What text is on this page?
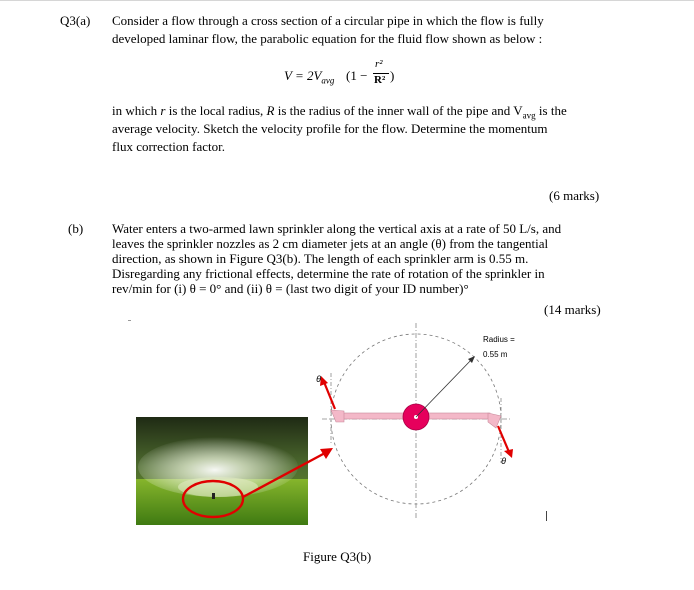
Q3(a) Consider a flow through a cross section of a circular pipe in which the flow is fully
developed laminar flow, the parabolic equation for the fluid flow shown as below :
$V = 2V_{avg}$ (1 −
r²
R² )
in which r is the local radius, R is the radius of the inner wall of the pipe and $V_{avg}$ is the
average velocity. Sketch the velocity profile for the flow. Determine the momentum
flux correction factor.
(6 marks)
(b) Water enters a two-armed lawn sprinkler along the vertical axis at a rate of 50 L/s, and
leaves the sprinkler nozzles as 2 cm diameter jets at an angle (θ) from the tangential
direction, as shown in Figure Q3(b). The length of each sprinkler arm is 0.55 m.
Disregarding any frictional effects, determine the rate of rotation of the sprinkler in
rev/min for (i) θ = 0° and (ii) θ = (last two digit of your ID number)°
(14 marks)
θ
θ
Radius =
0.55 m
Figure Q3(b)
